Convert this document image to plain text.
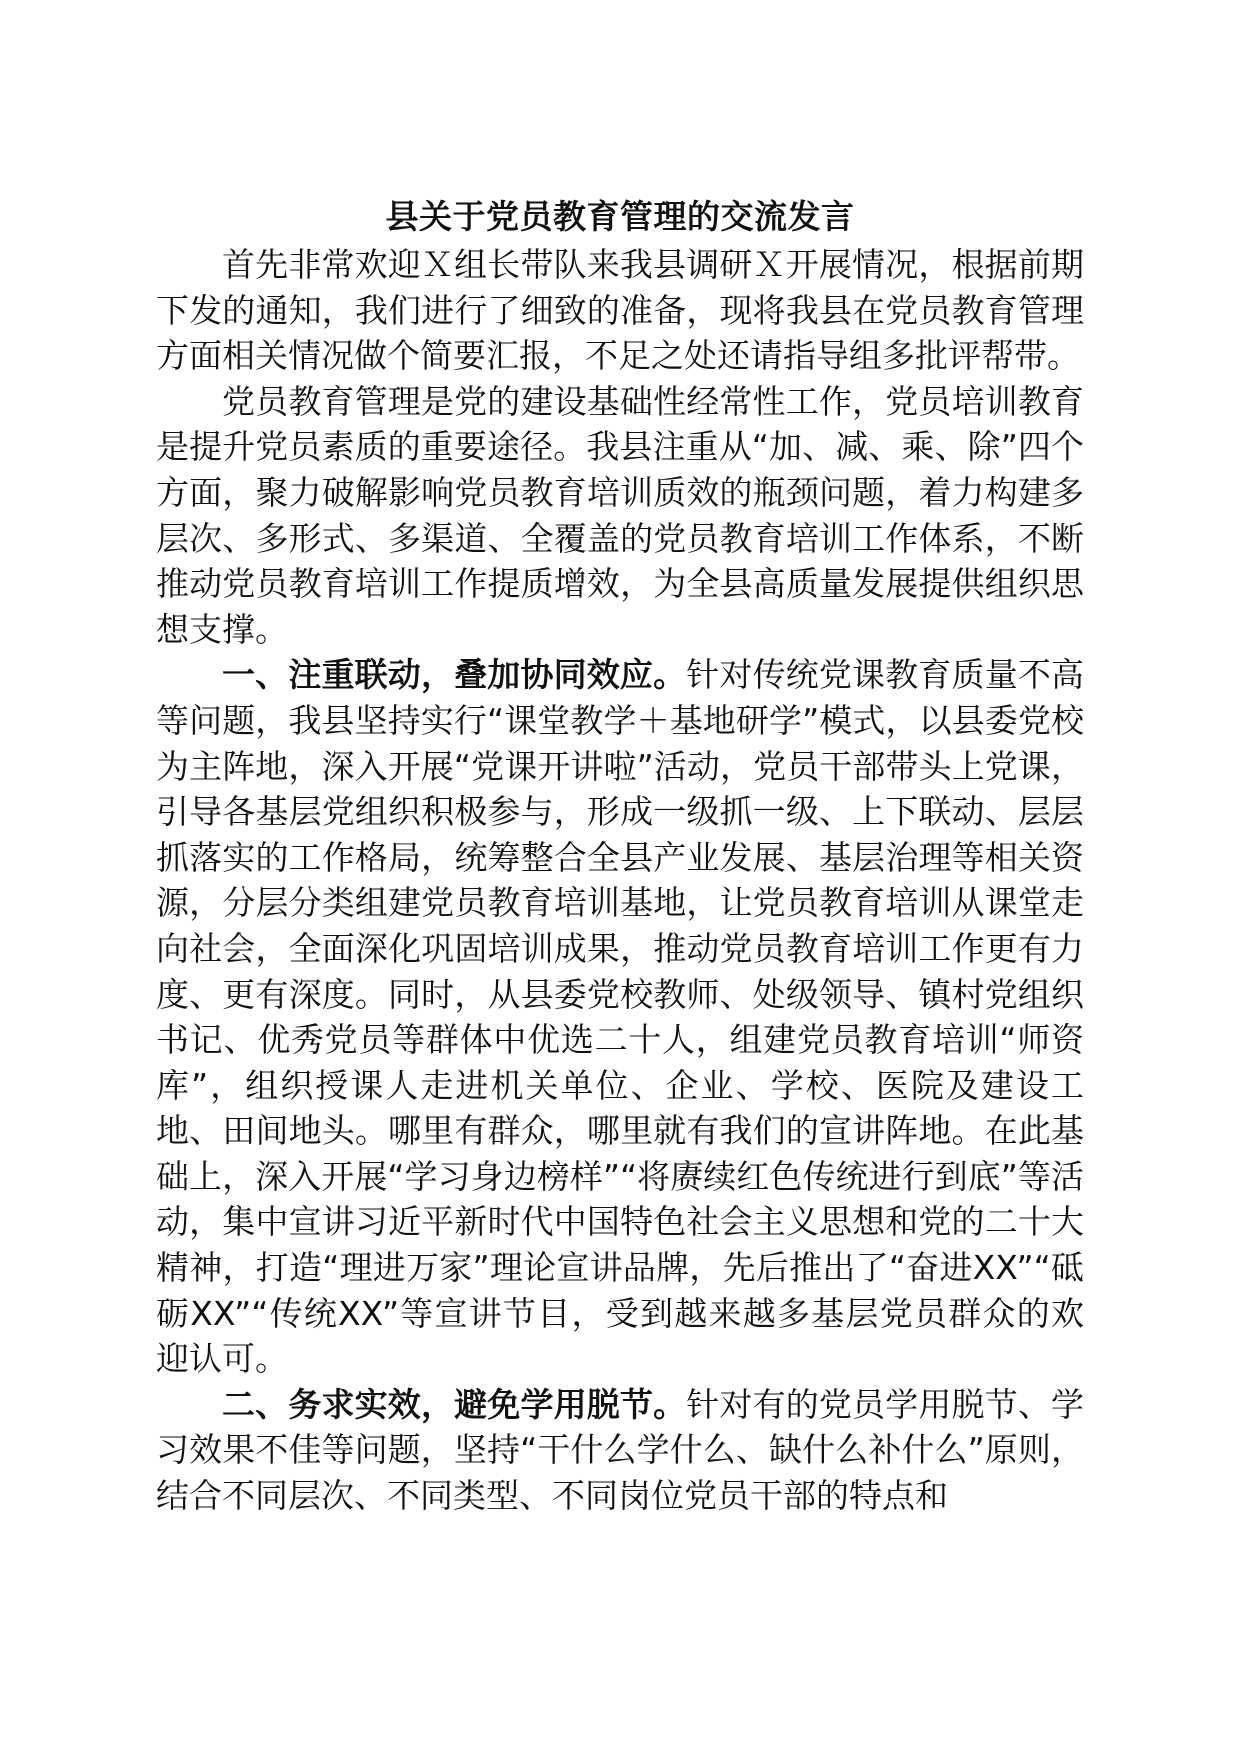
县关于党员教育管理的交流发言

首先非常欢迎Ｘ组长带队来我县调研Ｘ开展情况，根据前期下发的通知，我们进行了细致的准备，现将我县在党员教育管理方面相关情况做个简要汇报，不足之处还请指导组多批评帮带。

党员教育管理是党的建设基础性经常性工作，党员培训教育是提升党员素质的重要途径。我县注重从“加、减、乘、除”四个方面，聚力破解影响党员教育培训质效的瓶颈问题，着力构建多层次、多形式、多渠道、全覆盖的党员教育培训工作体系，不断推动党员教育培训工作提质增效，为全县高质量发展提供组织思想支撑。

一、注重联动，叠加协同效应。针对传统党课教育质量不高等问题，我县坚持实行“课堂教学＋基地研学”模式，以县委党校为主阵地，深入开展“党课开讲啦”活动，党员干部带头上党课，引导各基层党组织积极参与，形成一级抓一级、上下联动、层层抓落实的工作格局，统筹整合全县产业发展、基层治理等相关资源，分层分类组建党员教育培训基地，让党员教育培训从课堂走向社会，全面深化巩固培训成果，推动党员教育培训工作更有力度、更有深度。同时，从县委党校教师、处级领导、镇村党组织书记、优秀党员等群体中优选二十人，组建党员教育培训“师资库”，组织授课人走进机关单位、企业、学校、医院及建设工地、田间地头。哪里有群众，哪里就有我们的宣讲阵地。在此基础上，深入开展“学习身边榜样”“将赓续红色传统进行到底”等活动，集中宣讲习近平新时代中国特色社会主义思想和党的二十大精神，打造“理进万家”理论宣讲品牌，先后推出了“奋进XX”“砥砺XX”“传统XX”等宣讲节目，受到越来越多基层党员群众的欢迎认可。

二、务求实效，避免学用脱节。针对有的党员学用脱节、学习效果不佳等问题，坚持“干什么学什么、缺什么补什么”原则，结合不同层次、不同类型、不同岗位党员干部的特点和
